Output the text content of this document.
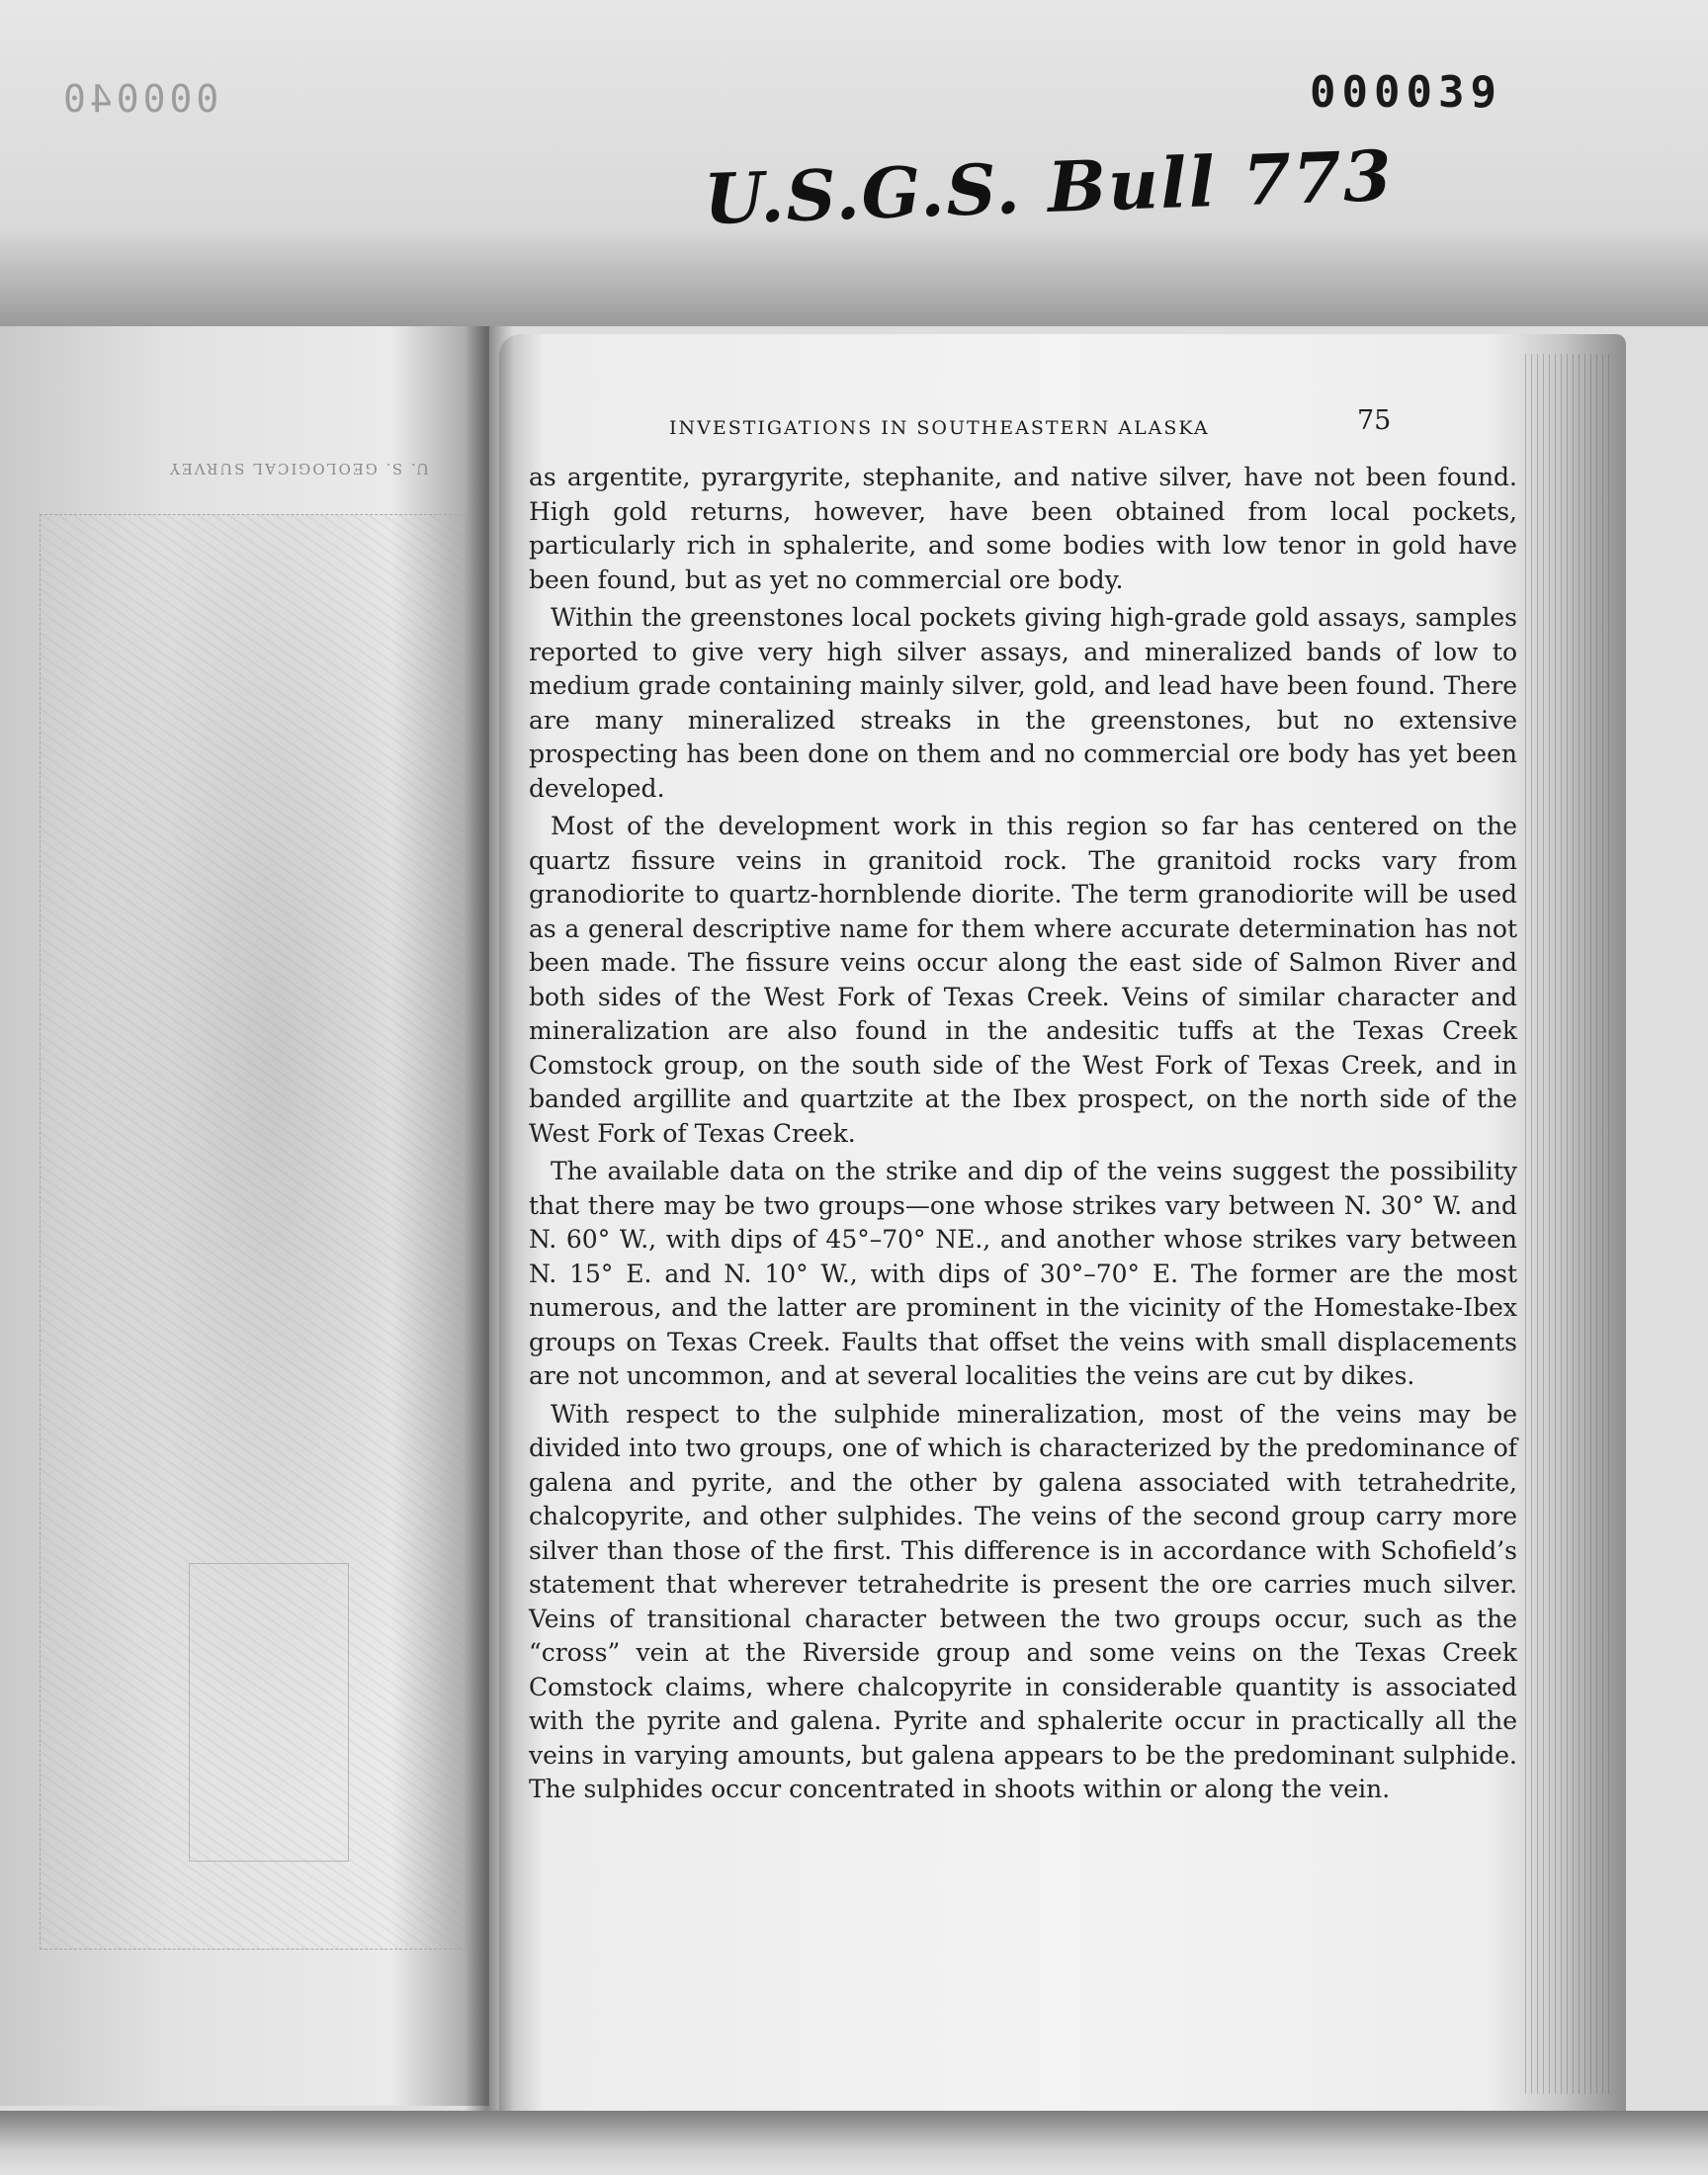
000040	000039
U.S.G.S. Bull 773
U. S. GEOLOGICAL SURVEY
INVESTIGATIONS IN SOUTHEASTERN ALASKA	75

as argentite, pyrargyrite, stephanite, and native silver, have not been found. High gold returns, however, have been obtained from local pockets, particularly rich in sphalerite, and some bodies with low tenor in gold have been found, but as yet no commercial ore body.

Within the greenstones local pockets giving high-grade gold assays, samples reported to give very high silver assays, and mineralized bands of low to medium grade containing mainly silver, gold, and lead have been found. There are many mineralized streaks in the greenstones, but no extensive prospecting has been done on them and no commercial ore body has yet been developed.

Most of the development work in this region so far has centered on the quartz fissure veins in granitoid rock. The granitoid rocks vary from granodiorite to quartz-hornblende diorite. The term granodiorite will be used as a general descriptive name for them where accurate determination has not been made. The fissure veins occur along the east side of Salmon River and both sides of the West Fork of Texas Creek. Veins of similar character and mineralization are also found in the andesitic tuffs at the Texas Creek Comstock group, on the south side of the West Fork of Texas Creek, and in banded argillite and quartzite at the Ibex prospect, on the north side of the West Fork of Texas Creek.

The available data on the strike and dip of the veins suggest the possibility that there may be two groups—one whose strikes vary between N. 30° W. and N. 60° W., with dips of 45°–70° NE., and another whose strikes vary between N. 15° E. and N. 10° W., with dips of 30°–70° E. The former are the most numerous, and the latter are prominent in the vicinity of the Homestake-Ibex groups on Texas Creek. Faults that offset the veins with small displacements are not uncommon, and at several localities the veins are cut by dikes.

With respect to the sulphide mineralization, most of the veins may be divided into two groups, one of which is characterized by the predominance of galena and pyrite, and the other by galena associated with tetrahedrite, chalcopyrite, and other sulphides. The veins of the second group carry more silver than those of the first. This difference is in accordance with Schofield’s statement that wherever tetrahedrite is present the ore carries much silver. Veins of transitional character between the two groups occur, such as the “cross” vein at the Riverside group and some veins on the Texas Creek Comstock claims, where chalcopyrite in considerable quantity is associated with the pyrite and galena. Pyrite and sphalerite occur in practically all the veins in varying amounts, but galena appears to be the predominant sulphide. The sulphides occur concentrated in shoots within or along the vein.
